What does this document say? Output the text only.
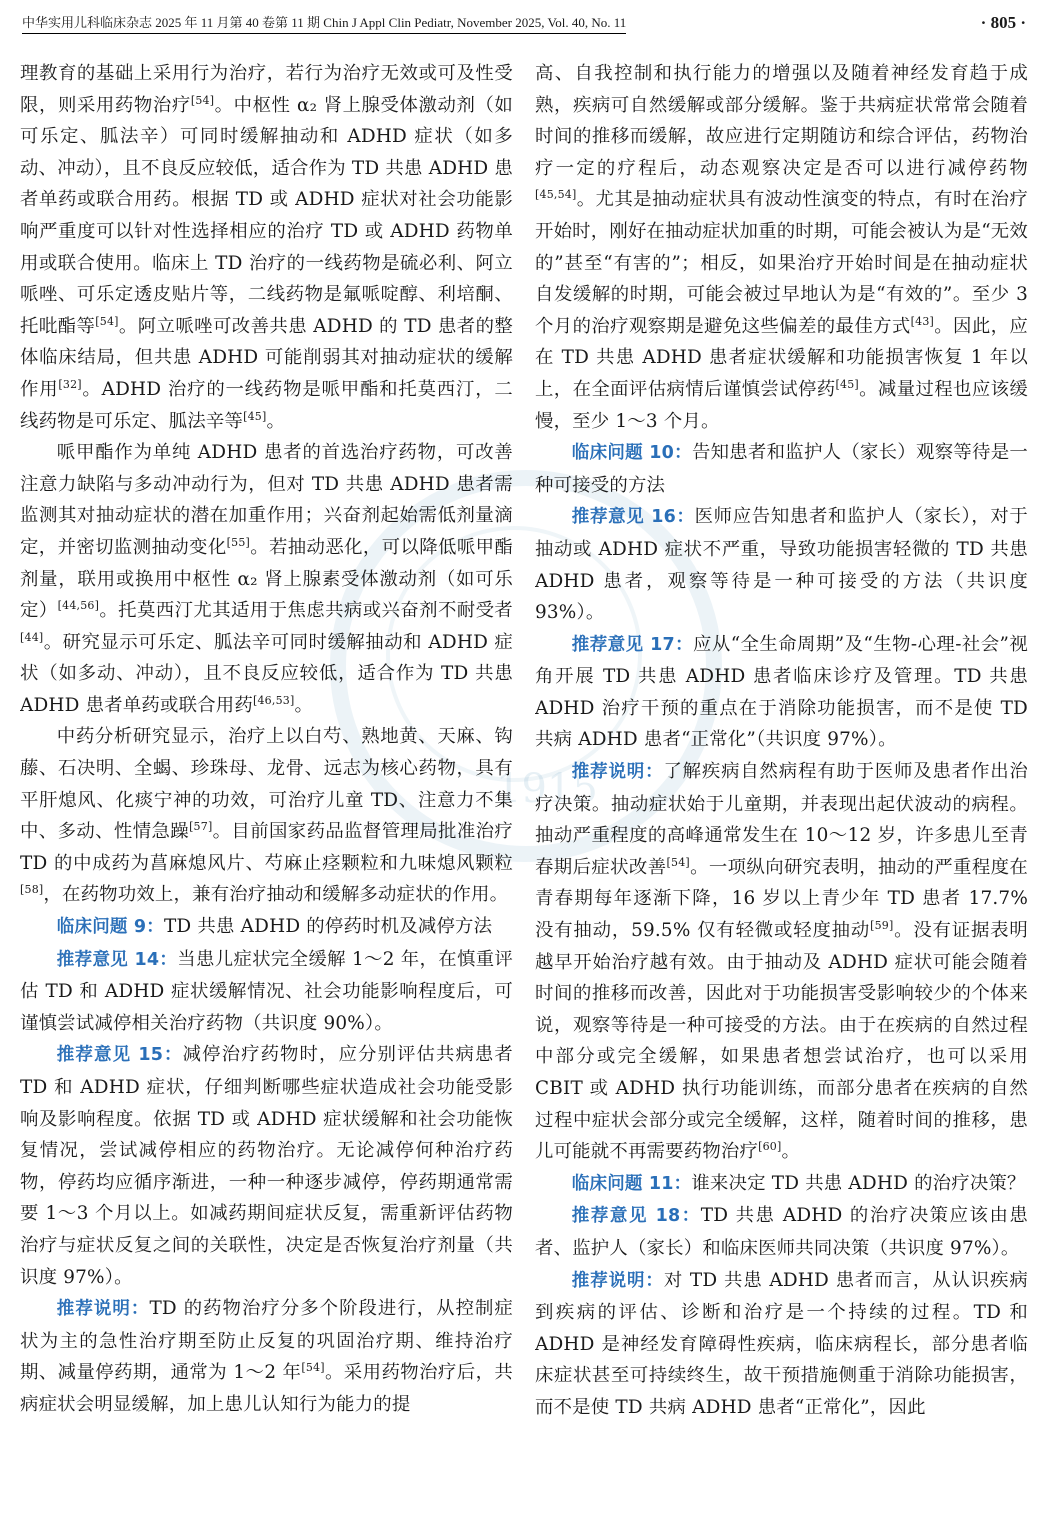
中华实用儿科临床杂志 2025 年 11 月第 40 卷第 11 期 Chin J Appl Clin Pediatr, November 2025, Vol. 40, No. 11	· 805 ·
1915

理教育的基础上采用行为治疗，若行为治疗无效或可及性受限，则采用药物治疗[54]。中枢性 α₂ 肾上腺受体激动剂（如可乐定、胍法辛）可同时缓解抽动和 ADHD 症状（如多动、冲动），且不良反应较低，适合作为 TD 共患 ADHD 患者单药或联合用药。根据 TD 或 ADHD 症状对社会功能影响严重度可以针对性选择相应的治疗 TD 或 ADHD 药物单用或联合使用。临床上 TD 治疗的一线药物是硫必利、阿立哌唑、可乐定透皮贴片等，二线药物是氟哌啶醇、利培酮、托吡酯等[54]。阿立哌唑可改善共患 ADHD 的 TD 患者的整体临床结局，但共患 ADHD 可能削弱其对抽动症状的缓解作用[32]。ADHD 治疗的一线药物是哌甲酯和托莫西汀，二线药物是可乐定、胍法辛等[45]。

哌甲酯作为单纯 ADHD 患者的首选治疗药物，可改善注意力缺陷与多动冲动行为，但对 TD 共患 ADHD 患者需监测其对抽动症状的潜在加重作用；兴奋剂起始需低剂量滴定，并密切监测抽动变化[55]。若抽动恶化，可以降低哌甲酯剂量，联用或换用中枢性 α₂ 肾上腺素受体激动剂（如可乐定）[44,56]。托莫西汀尤其适用于焦虑共病或兴奋剂不耐受者[44]。研究显示可乐定、胍法辛可同时缓解抽动和 ADHD 症状（如多动、冲动），且不良反应较低，适合作为 TD 共患 ADHD 患者单药或联合用药[46,53]。

中药分析研究显示，治疗上以白芍、熟地黄、天麻、钩藤、石决明、全蝎、珍珠母、龙骨、远志为核心药物，具有平肝熄风、化痰宁神的功效，可治疗儿童 TD、注意力不集中、多动、性情急躁[57]。目前国家药品监督管理局批准治疗 TD 的中成药为菖麻熄风片、芍麻止痉颗粒和九味熄风颗粒[58]，在药物功效上，兼有治疗抽动和缓解多动症状的作用。

临床问题 9：TD 共患 ADHD 的停药时机及减停方法

推荐意见 14：当患儿症状完全缓解 1～2 年，在慎重评估 TD 和 ADHD 症状缓解情况、社会功能影响程度后，可谨慎尝试减停相关治疗药物（共识度 90%）。

推荐意见 15：减停治疗药物时，应分别评估共病患者 TD 和 ADHD 症状，仔细判断哪些症状造成社会功能受影响及影响程度。依据 TD 或 ADHD 症状缓解和社会功能恢复情况，尝试减停相应的药物治疗。无论减停何种治疗药物，停药均应循序渐进，一种一种逐步减停，停药期通常需要 1～3 个月以上。如减药期间症状反复，需重新评估药物治疗与症状反复之间的关联性，决定是否恢复治疗剂量（共识度 97%）。

推荐说明：TD 的药物治疗分多个阶段进行，从控制症状为主的急性治疗期至防止反复的巩固治疗期、维持治疗期、减量停药期，通常为 1～2 年[54]。采用药物治疗后，共病症状会明显缓解，加上患儿认知行为能力的提

高、自我控制和执行能力的增强以及随着神经发育趋于成熟，疾病可自然缓解或部分缓解。鉴于共病症状常常会随着时间的推移而缓解，故应进行定期随访和综合评估，药物治疗一定的疗程后，动态观察决定是否可以进行减停药物[45,54]。尤其是抽动症状具有波动性演变的特点，有时在治疗开始时，刚好在抽动症状加重的时期，可能会被认为是“无效的”甚至“有害的”；相反，如果治疗开始时间是在抽动症状自发缓解的时期，可能会被过早地认为是“有效的”。至少 3 个月的治疗观察期是避免这些偏差的最佳方式[43]。因此，应在 TD 共患 ADHD 患者症状缓解和功能损害恢复 1 年以上，在全面评估病情后谨慎尝试停药[45]。减量过程也应该缓慢，至少 1～3 个月。

临床问题 10：告知患者和监护人（家长）观察等待是一种可接受的方法

推荐意见 16：医师应告知患者和监护人（家长），对于抽动或 ADHD 症状不严重，导致功能损害轻微的 TD 共患 ADHD 患者，观察等待是一种可接受的方法（共识度 93%）。

推荐意见 17：应从“全生命周期”及“生物-心理-社会”视角开展 TD 共患 ADHD 患者临床诊疗及管理。TD 共患 ADHD 治疗干预的重点在于消除功能损害，而不是使 TD 共病 ADHD 患者“正常化”（共识度 97%）。

推荐说明：了解疾病自然病程有助于医师及患者作出治疗决策。抽动症状始于儿童期，并表现出起伏波动的病程。抽动严重程度的高峰通常发生在 10～12 岁，许多患儿至青春期后症状改善[54]。一项纵向研究表明，抽动的严重程度在青春期每年逐渐下降，16 岁以上青少年 TD 患者 17.7% 没有抽动，59.5% 仅有轻微或轻度抽动[59]。没有证据表明越早开始治疗越有效。由于抽动及 ADHD 症状可能会随着时间的推移而改善，因此对于功能损害受影响较少的个体来说，观察等待是一种可接受的方法。由于在疾病的自然过程中部分或完全缓解，如果患者想尝试治疗，也可以采用 CBIT 或 ADHD 执行功能训练，而部分患者在疾病的自然过程中症状会部分或完全缓解，这样，随着时间的推移，患儿可能就不再需要药物治疗[60]。

临床问题 11：谁来决定 TD 共患 ADHD 的治疗决策？

推荐意见 18：TD 共患 ADHD 的治疗决策应该由患者、监护人（家长）和临床医师共同决策（共识度 97%）。

推荐说明：对 TD 共患 ADHD 患者而言，从认识疾病到疾病的评估、诊断和治疗是一个持续的过程。TD 和 ADHD 是神经发育障碍性疾病，临床病程长，部分患者临床症状甚至可持续终生，故干预措施侧重于消除功能损害，而不是使 TD 共病 ADHD 患者“正常化”，因此
